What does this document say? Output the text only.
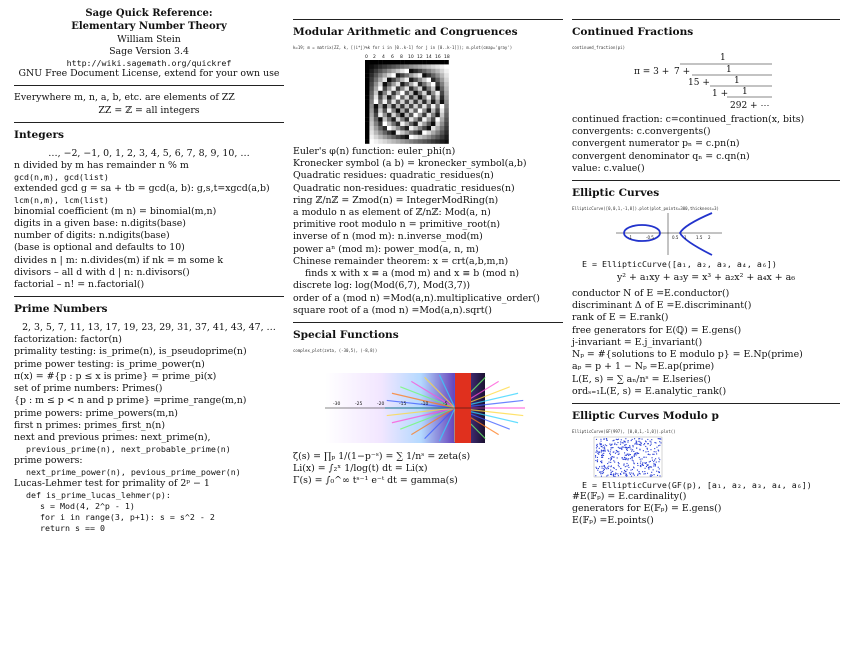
Sage Quick Reference:
Elementary Number Theory
William Stein
Sage Version 3.4
http://wiki.sagemath.org/quickref
GNU Free Document License, extend for your own use
Everywhere m, n, a, b, etc. are elements of ZZ
ZZ = ℤ = all integers
Integers
…, −2, −1, 0, 1, 2, 3, 4, 5, 6, 7, 8, 9, 10, …
n divided by m has remainder n % m
gcd(n,m), gcd(list)
extended gcd g = sa + tb = gcd(a, b): g,s,t=xgcd(a,b)
lcm(n,m), lcm(list)
binomial coefficient (m n) = binomial(m,n)
digits in a given base: n.digits(base)
number of digits: n.ndigits(base)
(base is optional and defaults to 10)
divides n | m: n.divides(m) if nk = m some k
divisors – all d with d | n: n.divisors()
factorial – n! = n.factorial()
Prime Numbers
2, 3, 5, 7, 11, 13, 17, 19, 23, 29, 31, 37, 41, 43, 47, …
factorization: factor(n)
primality testing: is_prime(n), is_pseudoprime(n)
prime power testing: is_prime_power(n)
π(x) = #{p : p ≤ x is prime} = prime_pi(x)
set of prime numbers: Primes()
{p : m ≤ p < n and p prime} =prime_range(m,n)
prime powers: prime_powers(m,n)
first n primes: primes_first_n(n)
next and previous primes: next_prime(n),
previous_prime(n), next_probable_prime(n)
prime powers:
next_prime_power(n), pevious_prime_power(n)
Lucas-Lehmer test for primality of 2ᵖ − 1
def is_prime_lucas_lehmer(p):
s = Mod(4, 2^p - 1)
for i in range(3, p+1): s = s^2 - 2
return s == 0
Modular Arithmetic and Congruences
k=19; m = matrix(ZZ, k, [(i*j)%k for i in [0..k-1] for j in [0..k-1]]); m.plot(cmap='gray')
0 2 4 6 8 10 12 14 16 18
Euler's φ(n) function: euler_phi(n)
Kronecker symbol (a b) = kronecker_symbol(a,b)
Quadratic residues: quadratic_residues(n)
Quadratic non-residues: quadratic_residues(n)
ring ℤ/nℤ = Zmod(n) = IntegerModRing(n)
a modulo n as element of ℤ/nℤ: Mod(a, n)
primitive root modulo n = primitive_root(n)
inverse of n (mod m): n.inverse_mod(m)
power aⁿ (mod m): power_mod(a, n, m)
Chinese remainder theorem: x = crt(a,b,m,n)
finds x with x ≡ a (mod m) and x ≡ b (mod n)
discrete log: log(Mod(6,7), Mod(3,7))
order of a (mod n) =Mod(a,n).multiplicative_order()
square root of a (mod n) =Mod(a,n).sqrt()
Special Functions
complex_plot(zeta, (-30,5), (-8,8))
-30	-25	-20	-15	-10	-5
ζ(s) = ∏ₚ 1/(1−p⁻ˢ) = ∑ 1/nˢ = zeta(s)
Li(x) = ∫₂ˣ 1/log(t) dt = Li(x)
Γ(s) = ∫₀^∞ tˢ⁻¹ e⁻ᵗ dt = gamma(s)
Continued Fractions
continued_fraction(pi)
π = 3 +
1
7 +	1
15 +	1
1 + 1
292 + ⋯
continued fraction: c=continued_fraction(x, bits)
convergents: c.convergents()
convergent numerator pₙ = c.pn(n)
convergent denominator qₙ = c.qn(n)
value: c.value()
Elliptic Curves
EllipticCurve([0,0,1,-1,0]).plot(plot_points=300,thickness=3)
-1	-0.5	0.5 1 1.5 2
E = EllipticCurve([a₁, a₂, a₃, a₄, a₆])
y² + a₁xy + a₃y = x³ + a₂x² + a₄x + a₆
conductor N of E =E.conductor()
discriminant Δ of E =E.discriminant()
rank of E = E.rank()
free generators for E(ℚ) = E.gens()
j-invariant = E.j_invariant()
Nₚ = #{solutions to E modulo p} = E.Np(prime)
aₚ = p + 1 − Nₚ =E.ap(prime)
L(E, s) = ∑ aₙ/nˢ = E.lseries()
ordₛ₌₁L(E, s) = E.analytic_rank()
Elliptic Curves Modulo p
EllipticCurve(GF(997), [0,0,1,-1,0]).plot()
E = EllipticCurve(GF(p), [a₁, a₂, a₃, a₄, a₆])
#E(𝔽ₚ) = E.cardinality()
generators for E(𝔽ₚ) = E.gens()
E(𝔽ₚ) =E.points()
